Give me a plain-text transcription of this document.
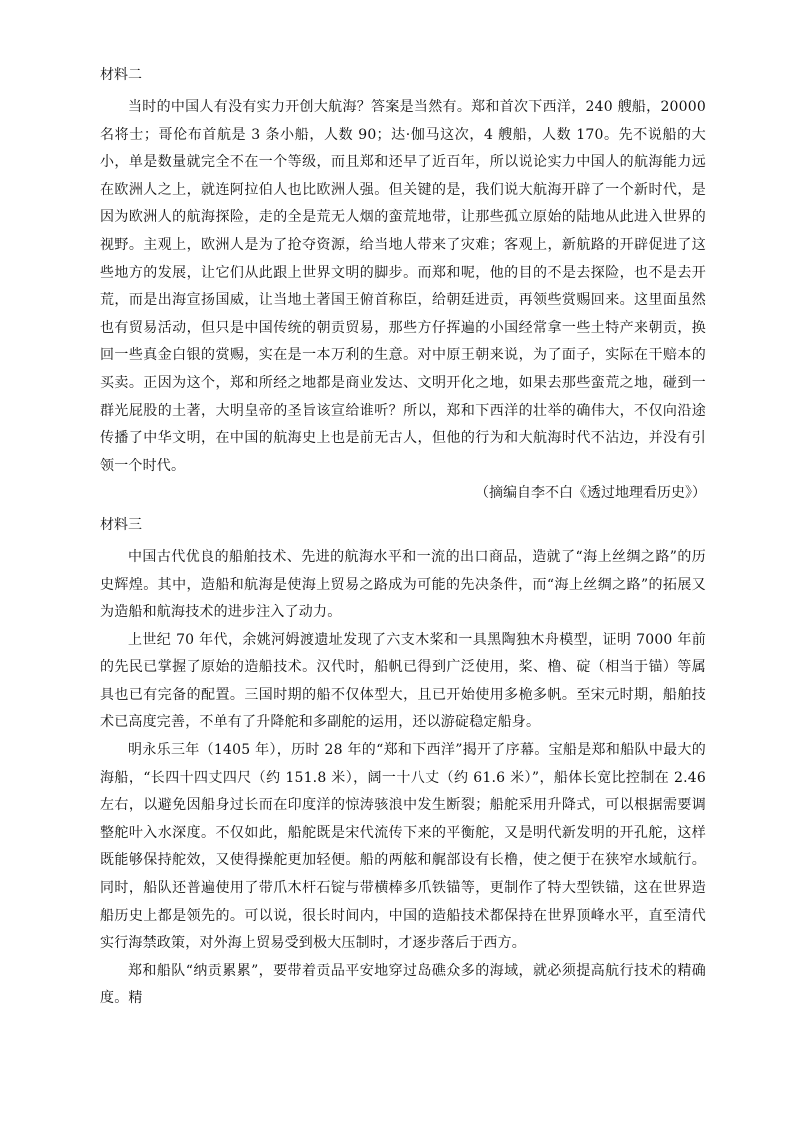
材料二

当时的中国人有没有实力开创大航海？答案是当然有。郑和首次下西洋，240 艘船，20000 名将士；哥伦布首航是 3 条小船，人数 90；达·伽马这次，4 艘船，人数 170。先不说船的大小，单是数量就完全不在一个等级，而且郑和还早了近百年，所以说论实力中国人的航海能力远在欧洲人之上，就连阿拉伯人也比欧洲人强。但关键的是，我们说大航海开辟了一个新时代，是因为欧洲人的航海探险，走的全是荒无人烟的蛮荒地带，让那些孤立原始的陆地从此进入世界的视野。主观上，欧洲人是为了抢夺资源，给当地人带来了灾难；客观上，新航路的开辟促进了这些地方的发展，让它们从此跟上世界文明的脚步。而郑和呢，他的目的不是去探险，也不是去开荒，而是出海宣扬国威，让当地土著国王俯首称臣，给朝廷进贡，再领些赏赐回来。这里面虽然也有贸易活动，但只是中国传统的朝贡贸易，那些方仔挥遍的小国经常拿一些土特产来朝贡，换回一些真金白银的赏赐，实在是一本万利的生意。对中原王朝来说，为了面子，实际在干赔本的买卖。正因为这个，郑和所经之地都是商业发达、文明开化之地，如果去那些蛮荒之地，碰到一群光屁股的土著，大明皇帝的圣旨该宣给谁听？所以，郑和下西洋的壮举的确伟大，不仅向沿途传播了中华文明，在中国的航海史上也是前无古人，但他的行为和大航海时代不沾边，并没有引领一个时代。

（摘编自李不白《透过地理看历史》）

材料三

中国古代优良的船舶技术、先进的航海水平和一流的出口商品，造就了“海上丝绸之路”的历史辉煌。其中，造船和航海是使海上贸易之路成为可能的先决条件，而“海上丝绸之路”的拓展又为造船和航海技术的进步注入了动力。

上世纪 70 年代，余姚河姆渡遗址发现了六支木桨和一具黑陶独木舟模型，证明 7000 年前的先民已掌握了原始的造船技术。汉代时，船帆已得到广泛使用，桨、橹、碇（相当于锚）等属具也已有完备的配置。三国时期的船不仅体型大，且已开始使用多桅多帆。至宋元时期，船舶技术已高度完善，不单有了升降舵和多副舵的运用，还以游碇稳定船身。

明永乐三年（1405 年），历时 28 年的“郑和下西洋”揭开了序幕。宝船是郑和船队中最大的海船，“长四十四丈四尺（约 151.8 米），阔一十八丈（约 61.6 米）”，船体长宽比控制在 2.46 左右，以避免因船身过长而在印度洋的惊涛骇浪中发生断裂；船舵采用升降式，可以根据需要调整舵叶入水深度。不仅如此，船舵既是宋代流传下来的平衡舵，又是明代新发明的开孔舵，这样既能够保持舵效，又使得操舵更加轻便。船的两舷和艉部设有长橹，使之便于在狭窄水域航行。同时，船队还普遍使用了带爪木杆石锭与带横棒多爪铁锚等，更制作了特大型铁锚，这在世界造船历史上都是领先的。可以说，很长时间内，中国的造船技术都保持在世界顶峰水平，直至清代实行海禁政策，对外海上贸易受到极大压制时，才逐步落后于西方。

郑和船队“纳贡累累”，要带着贡品平安地穿过岛礁众多的海域，就必须提高航行技术的精确度。精
